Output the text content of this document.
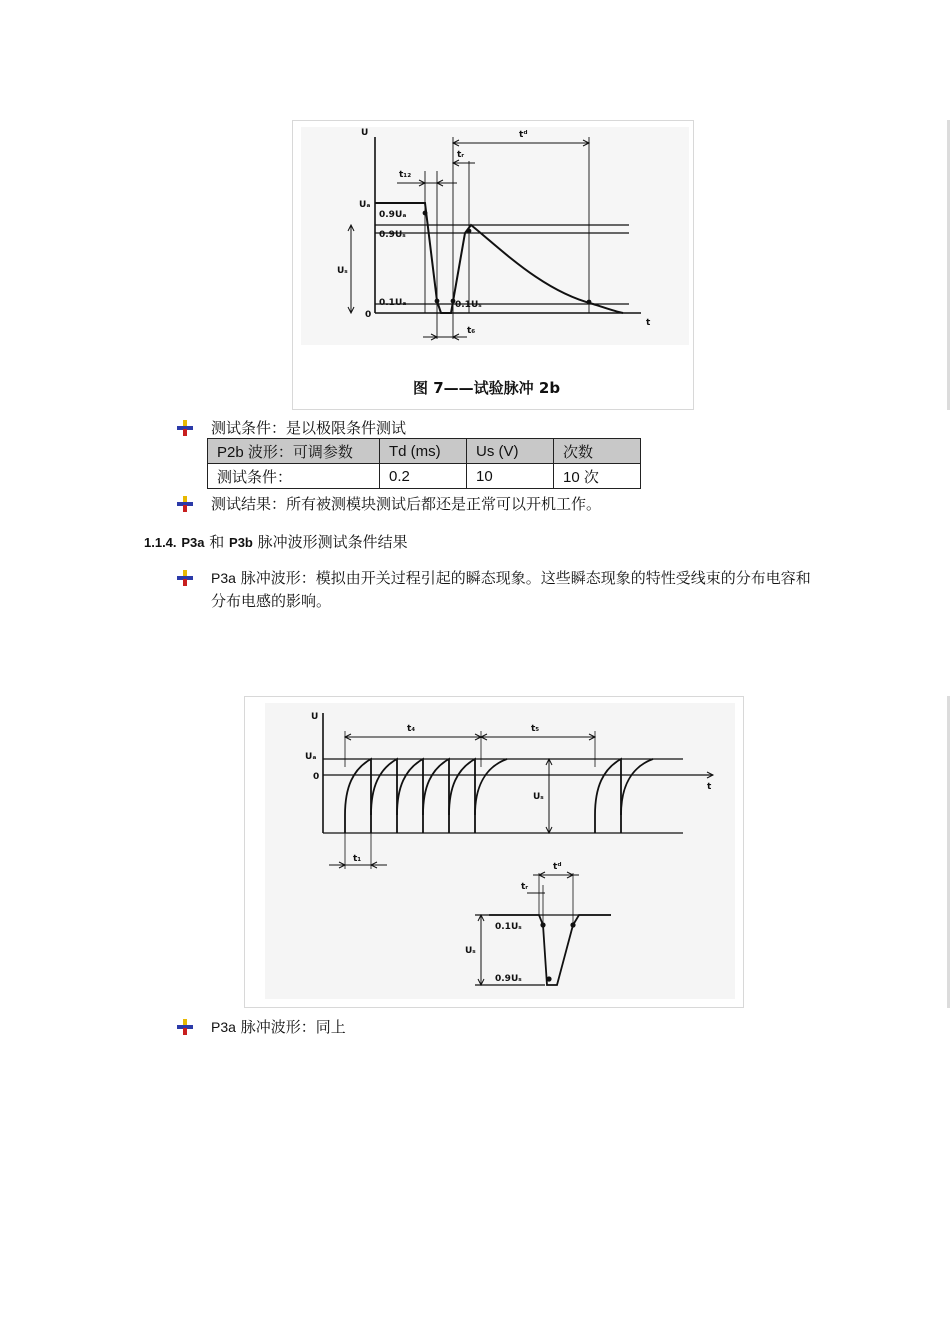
U
t
0
Uₛ
Uₐ
0.9Uₐ
0.9Uₛ
0.1Uₐ	0.1Uₛ
tᵈ
tᵣ
t₁₂
t₆
图 7——试验脉冲 2b
测试条件：是以极限条件测试
P2b 波形：可调参数	Td (ms)	Us (V)	次数
测试条件：	0.2	10	10 次
测试结果：所有被测模块测试后都还是正常可以开机工作。
1.1.4. P3a 和 P3b 脉冲波形测试条件结果
P3a 脉冲波形：模拟由开关过程引起的瞬态现象。这些瞬态现象的特性受线束的分布电容和分布电感的影响。
U
t
Uₐ
0
t₄	t₅
Uₛ
t₁
tᵈ
tᵣ
Uₛ
0.1Uₛ
0.9Uₛ
P3a 脉冲波形：同上
